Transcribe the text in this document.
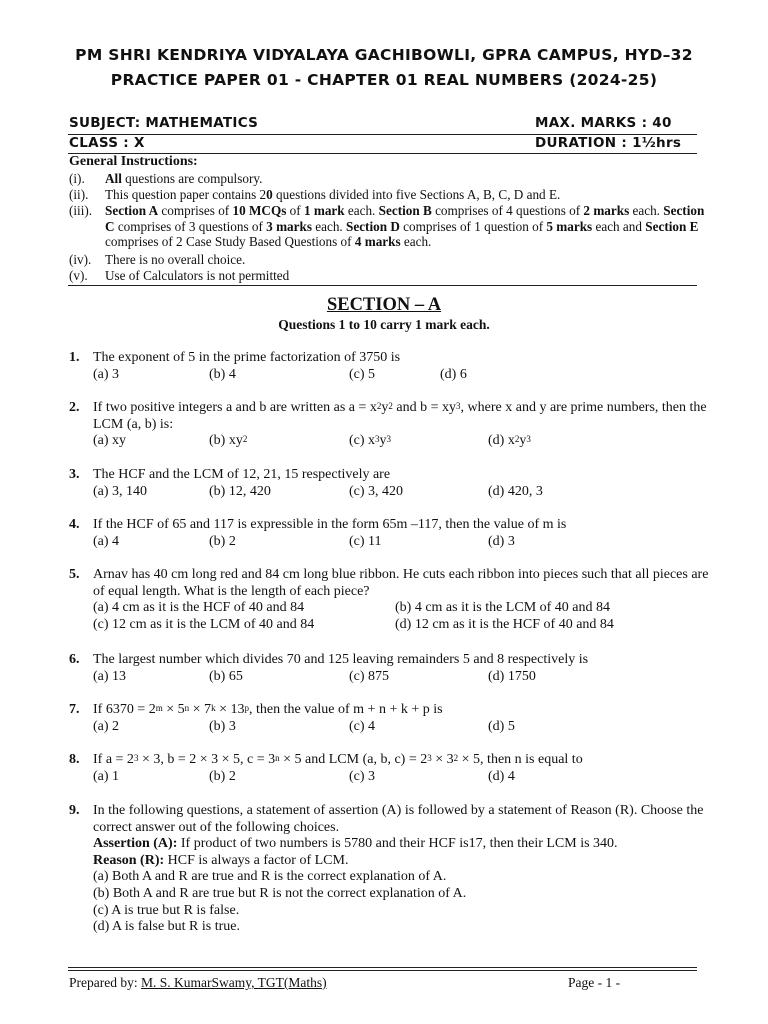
PM SHRI KENDRIYA VIDYALAYA GACHIBOWLI, GPRA CAMPUS, HYD–32
PRACTICE PAPER 01 - CHAPTER 01 REAL NUMBERS (2024-25)
SUBJECT: MATHEMATICS	MAX. MARKS : 40
CLASS : X	DURATION : 1½hrs
General Instructions:
(i). All questions are compulsory.
(ii). This question paper contains 20 questions divided into five Sections A, B, C, D and E.
(iii). Section A comprises of 10 MCQs of 1 mark each. Section B comprises of 4 questions of 2 marks each. Section C comprises of 3 questions of 3 marks each. Section D comprises of 1 question of 5 marks each and Section E comprises of 2 Case Study Based Questions of 4 marks each.
(iv). There is no overall choice.
(v). Use of Calculators is not permitted
SECTION – A
Questions 1 to 10 carry 1 mark each.
1. The exponent of 5 in the prime factorization of 3750 is
(a) 3	(b) 4	(c) 5	(d) 6
2. If two positive integers a and b are written as $a = x^2y^2$ and $b = xy^3$, where x and y are prime numbers, then the LCM (a, b) is:
(a) xy	(b) $xy^2$	(c) $x^3y^3$	(d) $x^2y^3$
3. The HCF and the LCM of 12, 21, 15 respectively are
(a) 3, 140	(b) 12, 420	(c) 3, 420	(d) 420, 3
4. If the HCF of 65 and 117 is expressible in the form 65m –117, then the value of m is
(a) 4	(b) 2	(c) 11	(d) 3
5. Arnav has 40 cm long red and 84 cm long blue ribbon. He cuts each ribbon into pieces such that all pieces are of equal length. What is the length of each piece?
(a) 4 cm as it is the HCF of 40 and 84	(b) 4 cm as it is the LCM of 40 and 84
(c) 12 cm as it is the LCM of 40 and 84	(d) 12 cm as it is the HCF of 40 and 84
6. The largest number which divides 70 and 125 leaving remainders 5 and 8 respectively is
(a) 13	(b) 65	(c) 875	(d) 1750
7. If $6370 = 2^m \times 5^n \times 7^k \times 13^p$, then the value of m + n + k + p is
(a) 2	(b) 3	(c) 4	(d) 5
8. If $a = 2^3 \times 3$, b = 2 × 3 × 5, $c = 3^n \times 5$ and LCM (a, b, $c) = 2^3 \times 3^2 \times 5$, then n is equal to
(a) 1	(b) 2	(c) 3	(d) 4
9. In the following questions, a statement of assertion (A) is followed by a statement of Reason (R). Choose the correct answer out of the following choices.
Assertion (A): If product of two numbers is 5780 and their HCF is17, then their LCM is 340.
Reason (R): HCF is always a factor of LCM.
(a) Both A and R are true and R is the correct explanation of A.
(b) Both A and R are true but R is not the correct explanation of A.
(c) A is true but R is false.
(d) A is false but R is true.
Prepared by: M. S. KumarSwamy, TGT(Maths)	Page - 1 -
